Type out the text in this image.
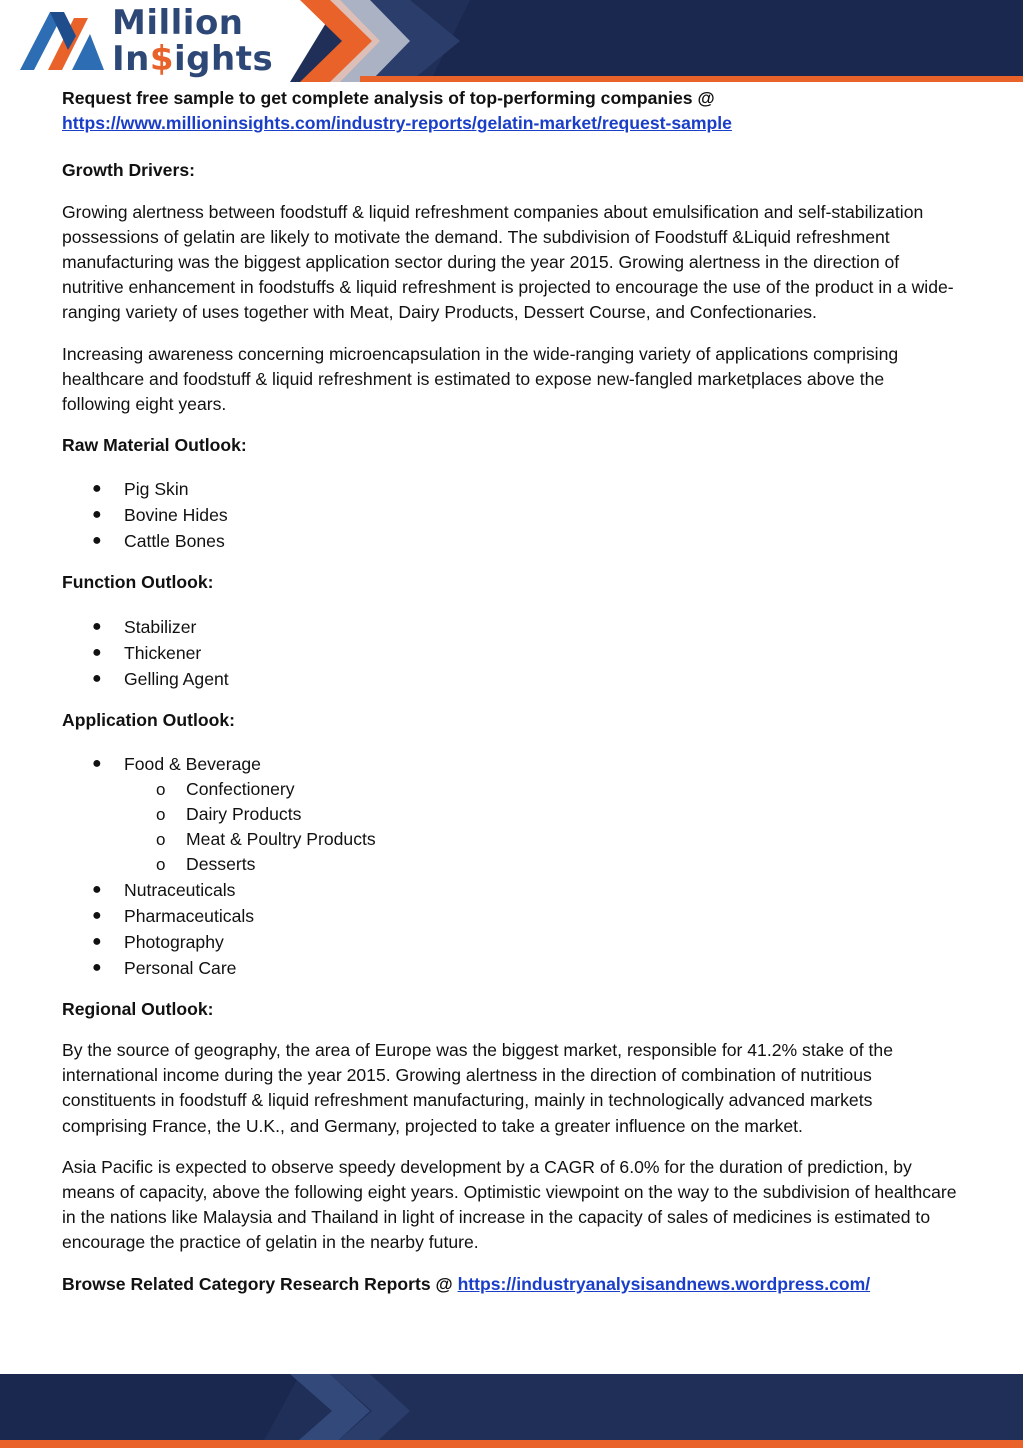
Million
In$ights

Request free sample to get complete analysis of top-performing companies @
https://www.millioninsights.com/industry-reports/gelatin-market/request-sample

Growth Drivers:

Growing alertness between foodstuff & liquid refreshment companies about emulsification and self-stabilization possessions of gelatin are likely to motivate the demand. The subdivision of Foodstuff &Liquid refreshment manufacturing was the biggest application sector during the year 2015. Growing alertness in the direction of nutritive enhancement in foodstuffs & liquid refreshment is projected to encourage the use of the product in a wide-ranging variety of uses together with Meat, Dairy Products, Dessert Course, and Confectionaries.

Increasing awareness concerning microencapsulation in the wide-ranging variety of applications comprising healthcare and foodstuff & liquid refreshment is estimated to expose new-fangled marketplaces above the following eight years.

Raw Material Outlook:
● Pig Skin
● Bovine Hides
● Cattle Bones
Function Outlook:
● Stabilizer
● Thickener
● Gelling Agent
Application Outlook:
● Food & Beverage
o Confectionery
o Dairy Products
o Meat & Poultry Products
o Desserts
● Nutraceuticals
● Pharmaceuticals
● Photography
● Personal Care
Regional Outlook:

By the source of geography, the area of Europe was the biggest market, responsible for 41.2% stake of the international income during the year 2015. Growing alertness in the direction of combination of nutritious constituents in foodstuff & liquid refreshment manufacturing, mainly in technologically advanced markets comprising France, the U.K., and Germany, projected to take a greater influence on the market.

Asia Pacific is expected to observe speedy development by a CAGR of 6.0% for the duration of prediction, by means of capacity, above the following eight years. Optimistic viewpoint on the way to the subdivision of healthcare in the nations like Malaysia and Thailand in light of increase in the capacity of sales of medicines is estimated to encourage the practice of gelatin in the nearby future.

Browse Related Category Research Reports @ https://industryanalysisandnews.wordpress.com/
